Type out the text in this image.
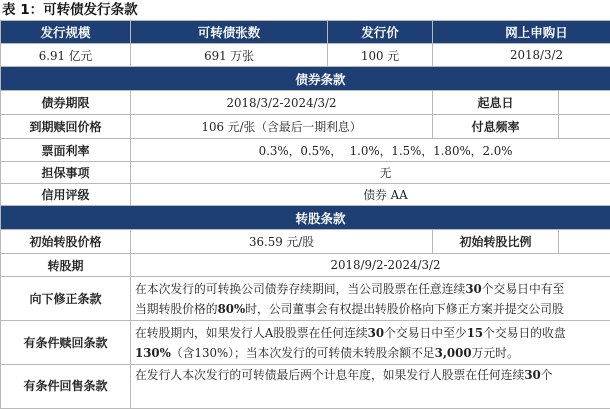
表 1：可转债发行条款
发行规模	可转债张数	发行价	网上申购日	
6.91 亿元	691 万张	100 元	2018/3/2	
债券条款				
债券期限	2018/3/2-2024/3/2		起息日	
到期赎回价格	106 元/张（含最后一期利息）		付息频率	
票面利率	0.3%，0.5%，  1.0%，1.5%，1.80%，2.0%			
担保事项	无			
信用评级	债券 AA			
转股条款				
初始转股价格	36.59 元/股		初始转股比例	
转股期	2018/9/2-2024/3/2			
向下修正条款	在本次发行的可转换公司债券存续期间，当公司股票在任意连续30个交易日中有至
当期转股价格的80%时，公司董事会有权提出转股价格向下修正方案并提交公司股			

有条件赎回条款	在转股期内，如果发行人A股股票在任何连续30个交易日中至少15个交易日的收盘
130%（含130%）；当本次发行的可转债未转股余额不足3,000万元时。			

有条件回售条款	在发行人本次发行的可转债最后两个计息年度，如果发行人股票在任何连续30个			
